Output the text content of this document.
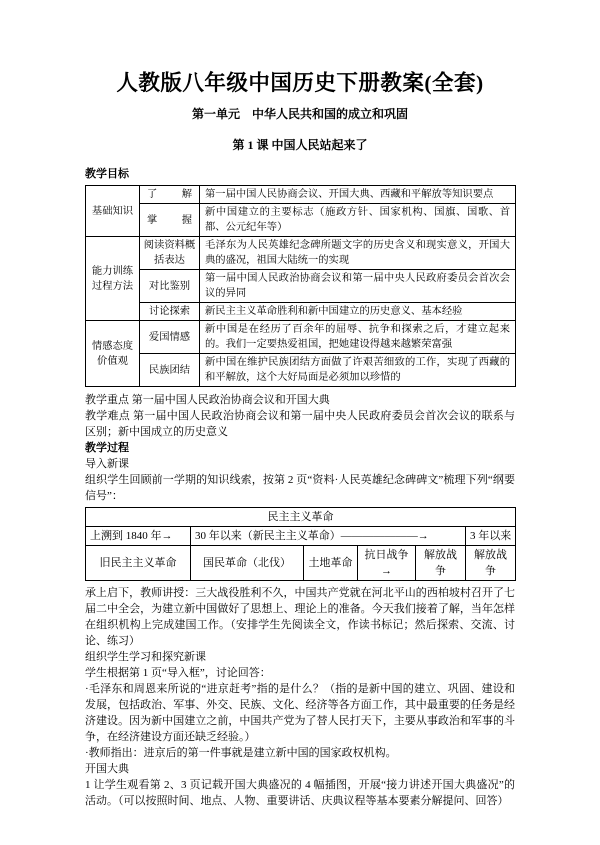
人教版八年级中国历史下册教案(全套)
第一单元　中华人民共和国的成立和巩固
第 1 课 中国人民站起来了
教学目标
基础知识	了　解	第一届中国人民协商会议、开国大典、西藏和平解放等知识要点
	掌　握	新中国建立的主要标志（施政方针、国家机构、国旗、国歌、首都、公元纪年等）
能力训练过程方法	阅读资料概括表达	毛泽东为人民英雄纪念碑所题文字的历史含义和现实意义，开国大典的盛况，祖国大陆统一的实现
	对比鉴别	第一届中国人民政治协商会议和第一届中央人民政府委员会首次会议的异同
	讨论探索	新民主主义革命胜利和新中国建立的历史意义、基本经验
情感态度价值观	爱国情感	新中国是在经历了百余年的屈辱、抗争和探索之后，才建立起来的。我们一定要热爱祖国，把她建设得越来越繁荣富强
	民族团结	新中国在维护民族团结方面做了许艰苦细致的工作，实现了西藏的和平解放，这个大好局面是必须加以珍惜的

教学重点 第一届中国人民政治协商会议和开国大典

教学难点 第一届中国人民政治协商会议和第一届中央人民政府委员会首次会议的联系与区别；新中国成立的历史意义

教学过程

导入新课

组织学生回顾前一学期的知识线索，按第 2 页“资料·人民英雄纪念碑碑文”梳理下列“纲要信号”：

民主主义革命					
上溯到 1840 年→	30 年以来（新民主主义革命）———————→				3 年以来
旧民主主义革命	国民革命（北伐）	土地革命	抗日战争→	解放战争	解放战争

承上启下，教师讲授：三大战役胜利不久，中国共产党就在河北平山的西柏坡村召开了七届二中全会，为建立新中国做好了思想上、理论上的准备。今天我们接着了解，当年怎样在组织机构上完成建国工作。（安排学生先阅读全文，作读书标记；然后探索、交流、讨论、练习）

组织学生学习和探究新课

学生根据第 1 页“导入框”，讨论回答：

·毛泽东和周恩来所说的“进京赶考”指的是什么？（指的是新中国的建立、巩固、建设和发展，包括政治、军事、外交、民族、文化、经济等各方面工作，其中最重要的任务是经济建设。因为新中国建立之前，中国共产党为了替人民打天下，主要从事政治和军事的斗争，在经济建设方面还缺乏经验。）

·教师指出：进京后的第一件事就是建立新中国的国家政权机构。

开国大典

1 让学生观看第 2、3 页记载开国大典盛况的 4 幅插图，开展“接力讲述开国大典盛况”的活动。（可以按照时间、地点、人物、重要讲话、庆典议程等基本要素分解提问、回答）
